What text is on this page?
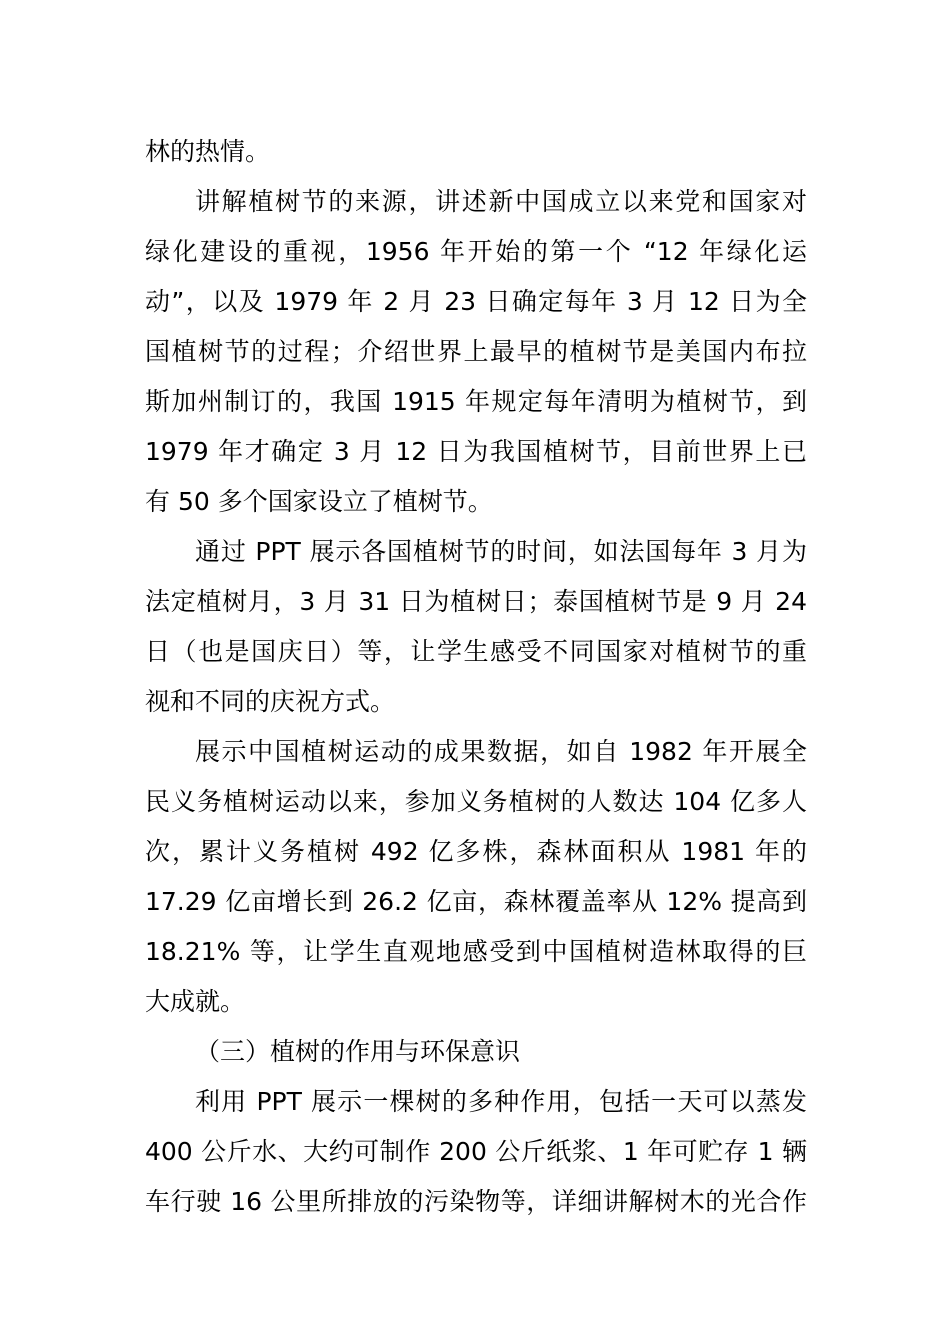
林的热情。
讲解植树节的来源，讲述新中国成立以来党和国家对
绿化建设的重视，1956 年开始的第一个 “12 年绿化运
动”，以及 1979 年 2 月 23 日确定每年 3 月 12 日为全
国植树节的过程；介绍世界上最早的植树节是美国内布拉
斯加州制订的，我国 1915 年规定每年清明为植树节，到
1979 年才确定 3 月 12 日为我国植树节，目前世界上已
有 50 多个国家设立了植树节。
通过 PPT 展示各国植树节的时间，如法国每年 3 月为
法定植树月，3 月 31 日为植树日；泰国植树节是 9 月 24
日（也是国庆日）等，让学生感受不同国家对植树节的重
视和不同的庆祝方式。
展示中国植树运动的成果数据，如自 1982 年开展全
民义务植树运动以来，参加义务植树的人数达 104 亿多人
次，累计义务植树 492 亿多株，森林面积从 1981 年的
17.29 亿亩增长到 26.2 亿亩，森林覆盖率从 12% 提高到
18.21% 等，让学生直观地感受到中国植树造林取得的巨
大成就。
（三）植树的作用与环保意识
利用 PPT 展示一棵树的多种作用，包括一天可以蒸发
400 公斤水、大约可制作 200 公斤纸浆、1 年可贮存 1 辆
车行驶 16 公里所排放的污染物等，详细讲解树木的光合作
